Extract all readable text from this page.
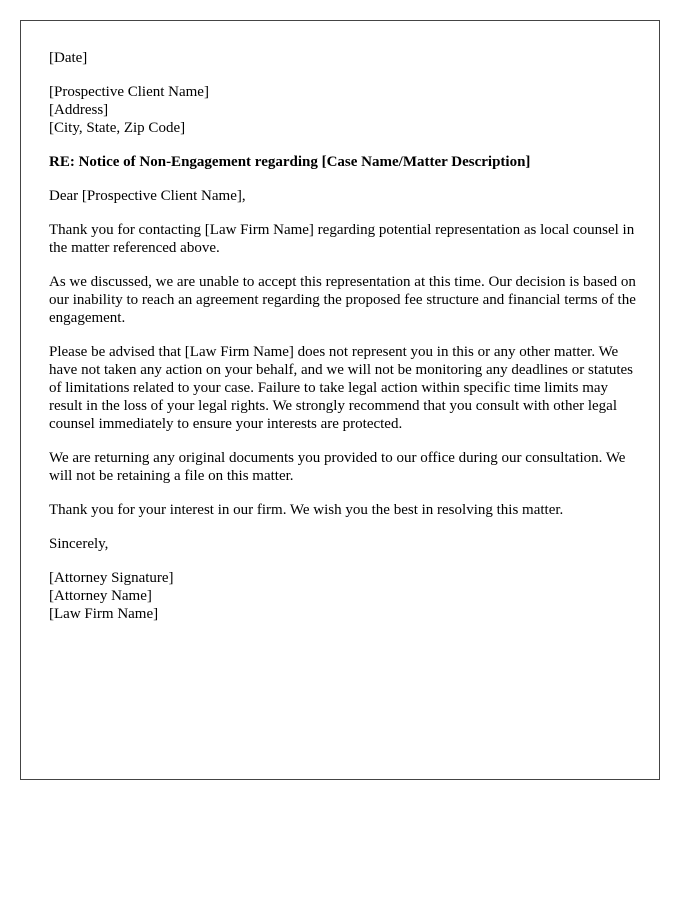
[Date]
[Prospective Client Name]
[Address]
[City, State, Zip Code]
RE: Notice of Non-Engagement regarding [Case Name/Matter Description]
Dear [Prospective Client Name],

Thank you for contacting [Law Firm Name] regarding potential representation as local counsel in the matter referenced above.

As we discussed, we are unable to accept this representation at this time. Our decision is based on our inability to reach an agreement regarding the proposed fee structure and financial terms of the engagement.

Please be advised that [Law Firm Name] does not represent you in this or any other matter. We have not taken any action on your behalf, and we will not be monitoring any deadlines or statutes of limitations related to your case. Failure to take legal action within specific time limits may result in the loss of your legal rights. We strongly recommend that you consult with other legal counsel immediately to ensure your interests are protected.

We are returning any original documents you provided to our office during our consultation. We will not be retaining a file on this matter.

Thank you for your interest in our firm. We wish you the best in resolving this matter.

Sincerely,
[Attorney Signature]
[Attorney Name]
[Law Firm Name]
